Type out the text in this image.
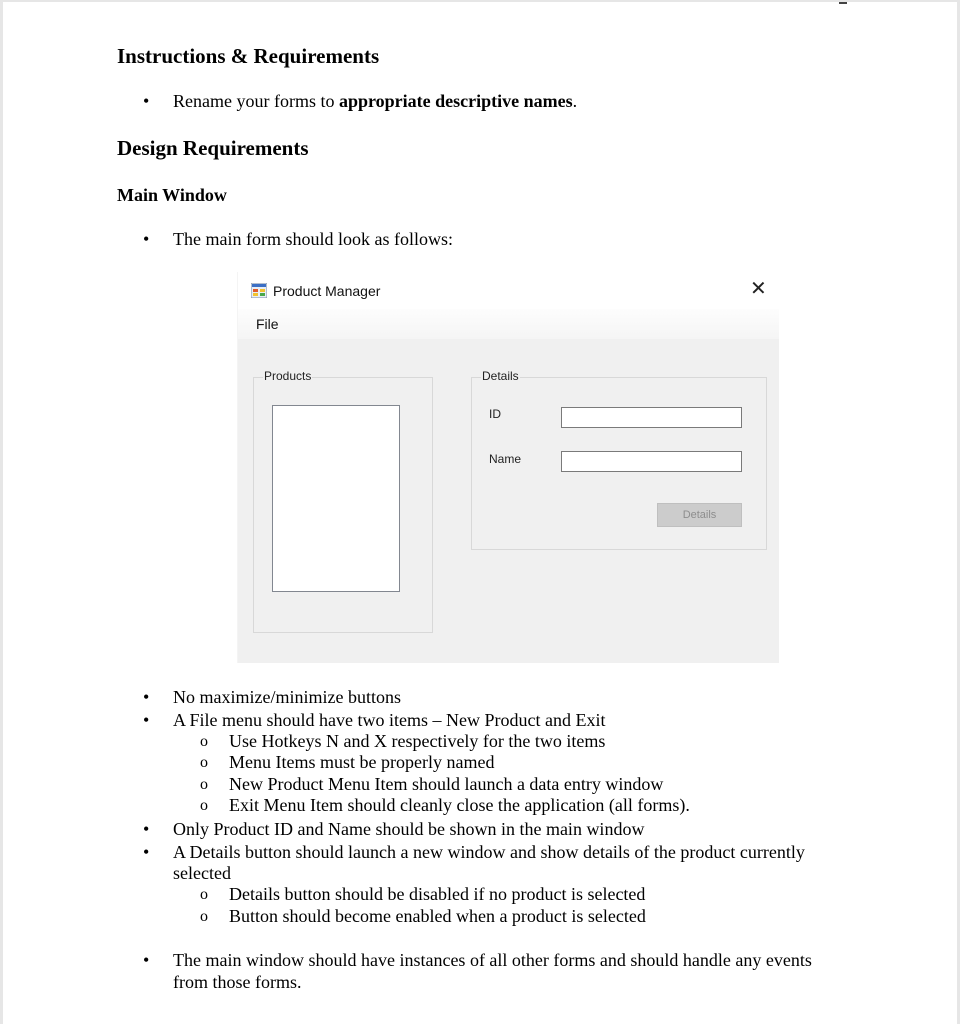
Instructions & Requirements
• Rename your forms to appropriate descriptive names.
Design Requirements
Main Window
• The main form should look as follows:
Product Manager	✕
File
Products	Details
ID
Name
Details
• No maximize/minimize buttons
• A File menu should have two items – New Product and Exit
o Use Hotkeys N and X respectively for the two items
o Menu Items must be properly named
o New Product Menu Item should launch a data entry window
o Exit Menu Item should cleanly close the application (all forms).
• Only Product ID and Name should be shown in the main window
• A Details button should launch a new window and show details of the product currently
selected
o Details button should be disabled if no product is selected
o Button should become enabled when a product is selected
• The main window should have instances of all other forms and should handle any events
from those forms.
